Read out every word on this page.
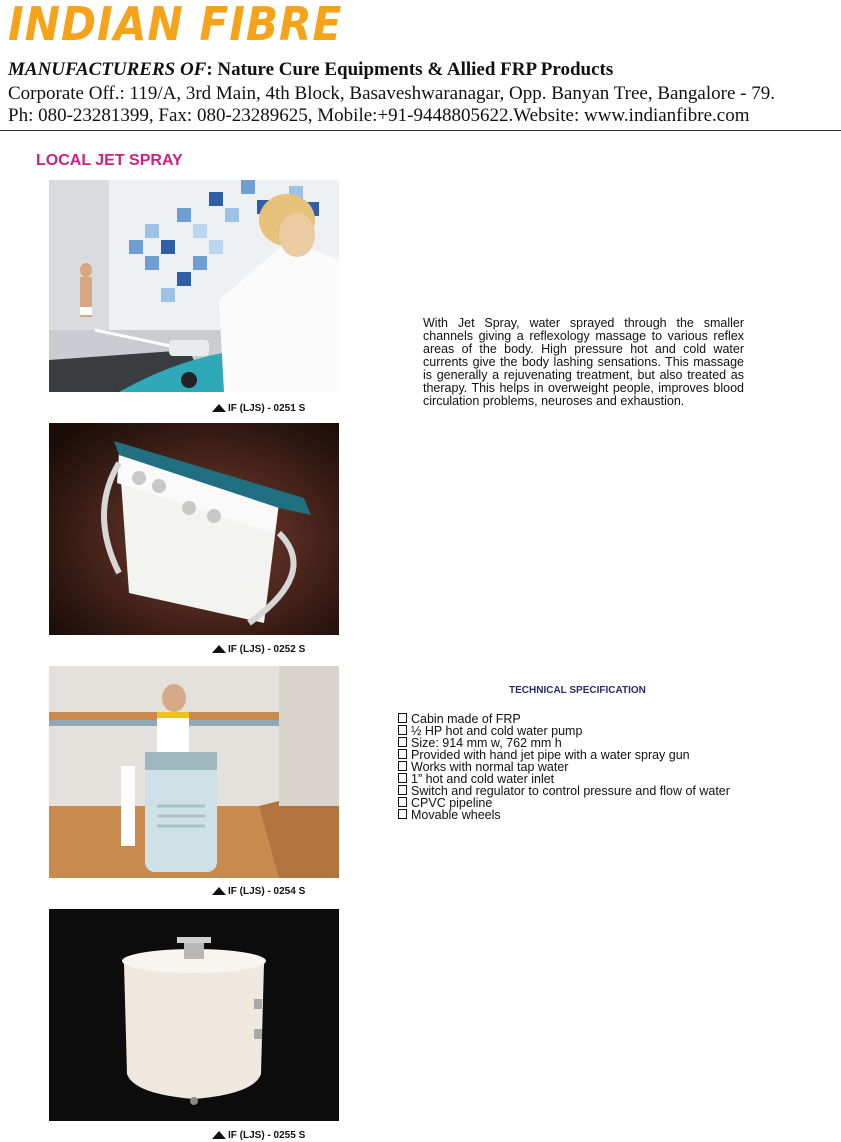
INDIAN FIBRE
MANUFACTURERS OF: Nature Cure Equipments & Allied FRP Products
Corporate Off.: 119/A, 3rd Main, 4th Block, Basaveshwaranagar, Opp. Banyan Tree, Bangalore - 79.
Ph: 080-23281399, Fax: 080-23289625, Mobile:+91-9448805622.Website: www.indianfibre.com
LOCAL JET SPRAY
IF (LJS) - 0251 S
IF (LJS) - 0252 S
IF (LJS) - 0254 S
IF (LJS) - 0255 S
With Jet Spray, water sprayed through the smaller channels giving a reflexology massage to various reflex areas of the body. High pressure hot and cold water currents give the body lashing sensations. This massage is generally a rejuvenating treatment, but also treated as therapy. This helps in overweight people, improves blood circulation problems, neuroses and exhaustion.
TECHNICAL SPECIFICATION
Cabin made of FRP
½ HP hot and cold water pump
Size: 914 mm w, 762 mm h
Provided with hand jet pipe with a water spray gun
Works with normal tap water
1” hot and cold water inlet
Switch and regulator to control pressure and flow of water
CPVC pipeline
Movable wheels
